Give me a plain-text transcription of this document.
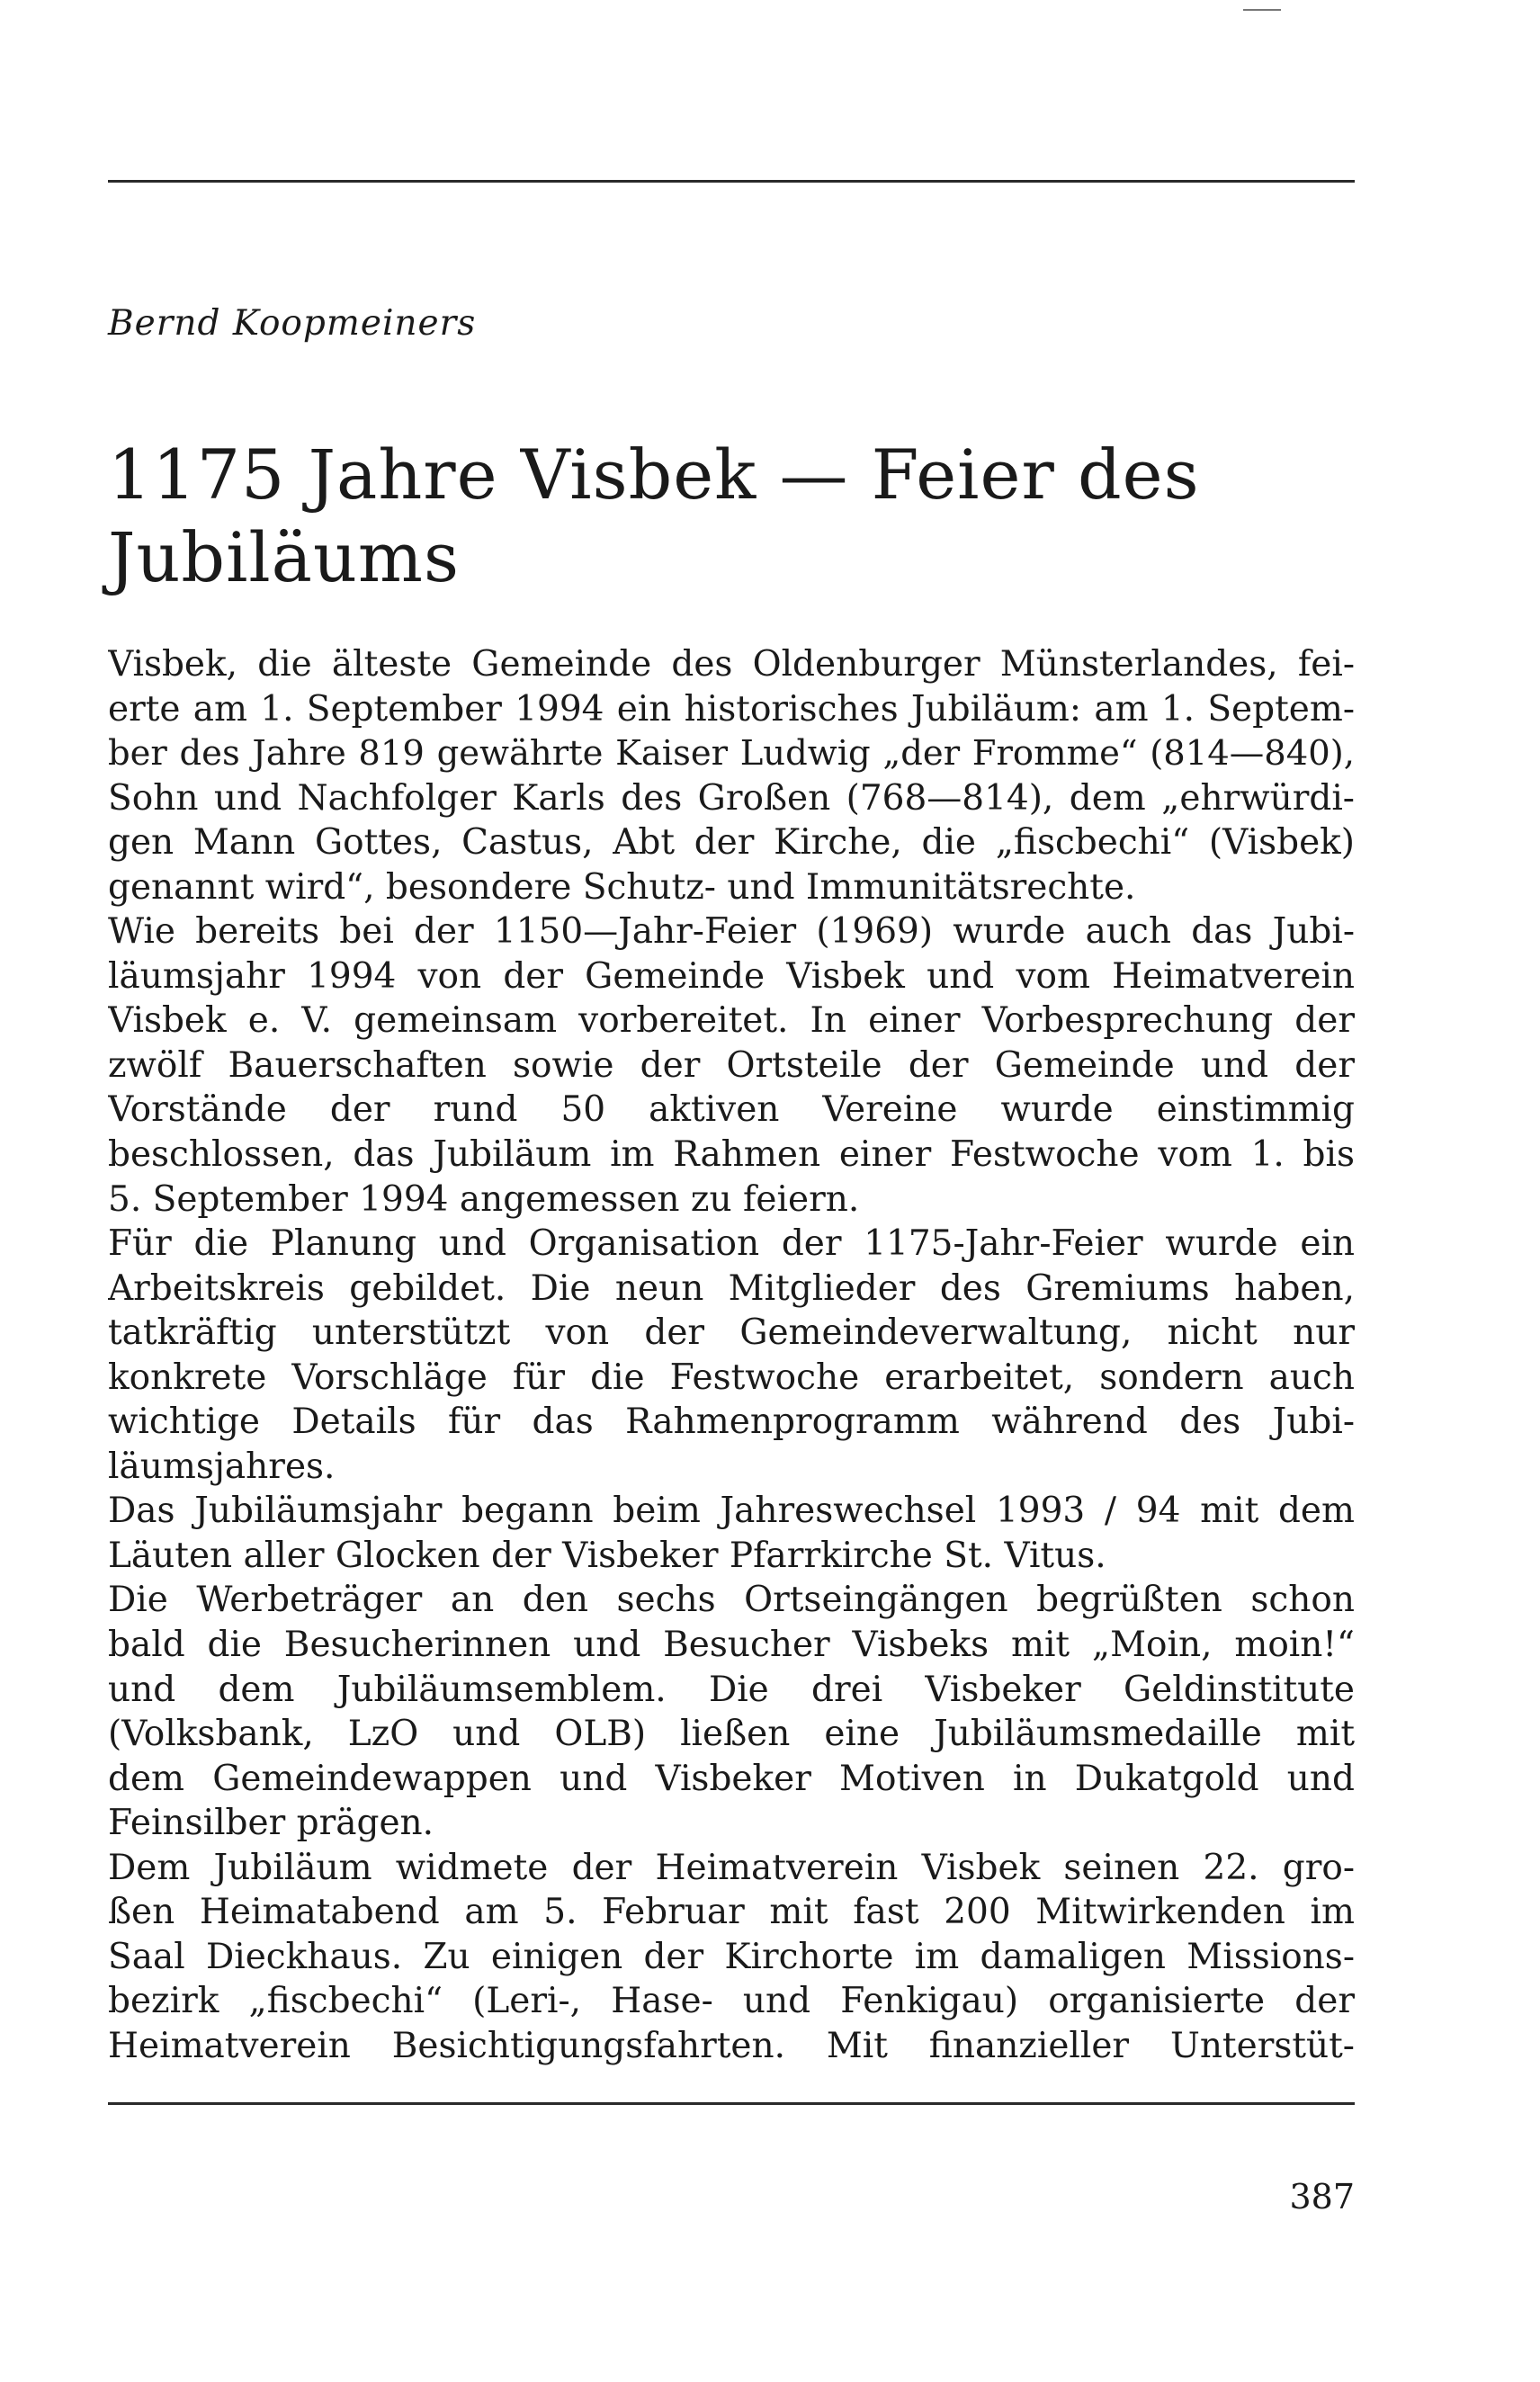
Bernd Koopmeiners
1175 Jahre Visbek — Feier des
Jubiläums
Visbek, die älteste Gemeinde des Oldenburger Münsterlandes, fei-
erte am 1. September 1994 ein historisches Jubiläum: am 1. Septem-
ber des Jahre 819 gewährte Kaiser Ludwig „der Fromme“ (814—840),
Sohn und Nachfolger Karls des Großen (768—814), dem „ehrwürdi-
gen Mann Gottes, Castus, Abt der Kirche, die „fiscbechi“ (Visbek)
genannt wird“, besondere Schutz- und Immunitätsrechte.
Wie bereits bei der 1150—Jahr-Feier (1969) wurde auch das Jubi-
läumsjahr 1994 von der Gemeinde Visbek und vom Heimatverein
Visbek e. V. gemeinsam vorbereitet. In einer Vorbesprechung der
zwölf Bauerschaften sowie der Ortsteile der Gemeinde und der
Vorstände der rund 50 aktiven Vereine wurde einstimmig
beschlossen, das Jubiläum im Rahmen einer Festwoche vom 1. bis
5. September 1994 angemessen zu feiern.
Für die Planung und Organisation der 1175-Jahr-Feier wurde ein
Arbeitskreis gebildet. Die neun Mitglieder des Gremiums haben,
tatkräftig unterstützt von der Gemeindeverwaltung, nicht nur
konkrete Vorschläge für die Festwoche erarbeitet, sondern auch
wichtige Details für das Rahmenprogramm während des Jubi-
läumsjahres.
Das Jubiläumsjahr begann beim Jahreswechsel 1993 / 94 mit dem
Läuten aller Glocken der Visbeker Pfarrkirche St. Vitus.
Die Werbeträger an den sechs Ortseingängen begrüßten schon
bald die Besucherinnen und Besucher Visbeks mit „Moin, moin!“
und dem Jubiläumsemblem. Die drei Visbeker Geldinstitute
(Volksbank, LzO und OLB) ließen eine Jubiläumsmedaille mit
dem Gemeindewappen und Visbeker Motiven in Dukatgold und
Feinsilber prägen.
Dem Jubiläum widmete der Heimatverein Visbek seinen 22. gro-
ßen Heimatabend am 5. Februar mit fast 200 Mitwirkenden im
Saal Dieckhaus. Zu einigen der Kirchorte im damaligen Missions-
bezirk „fiscbechi“ (Leri-, Hase- und Fenkigau) organisierte der
Heimatverein Besichtigungsfahrten. Mit finanzieller Unterstüt-
387
